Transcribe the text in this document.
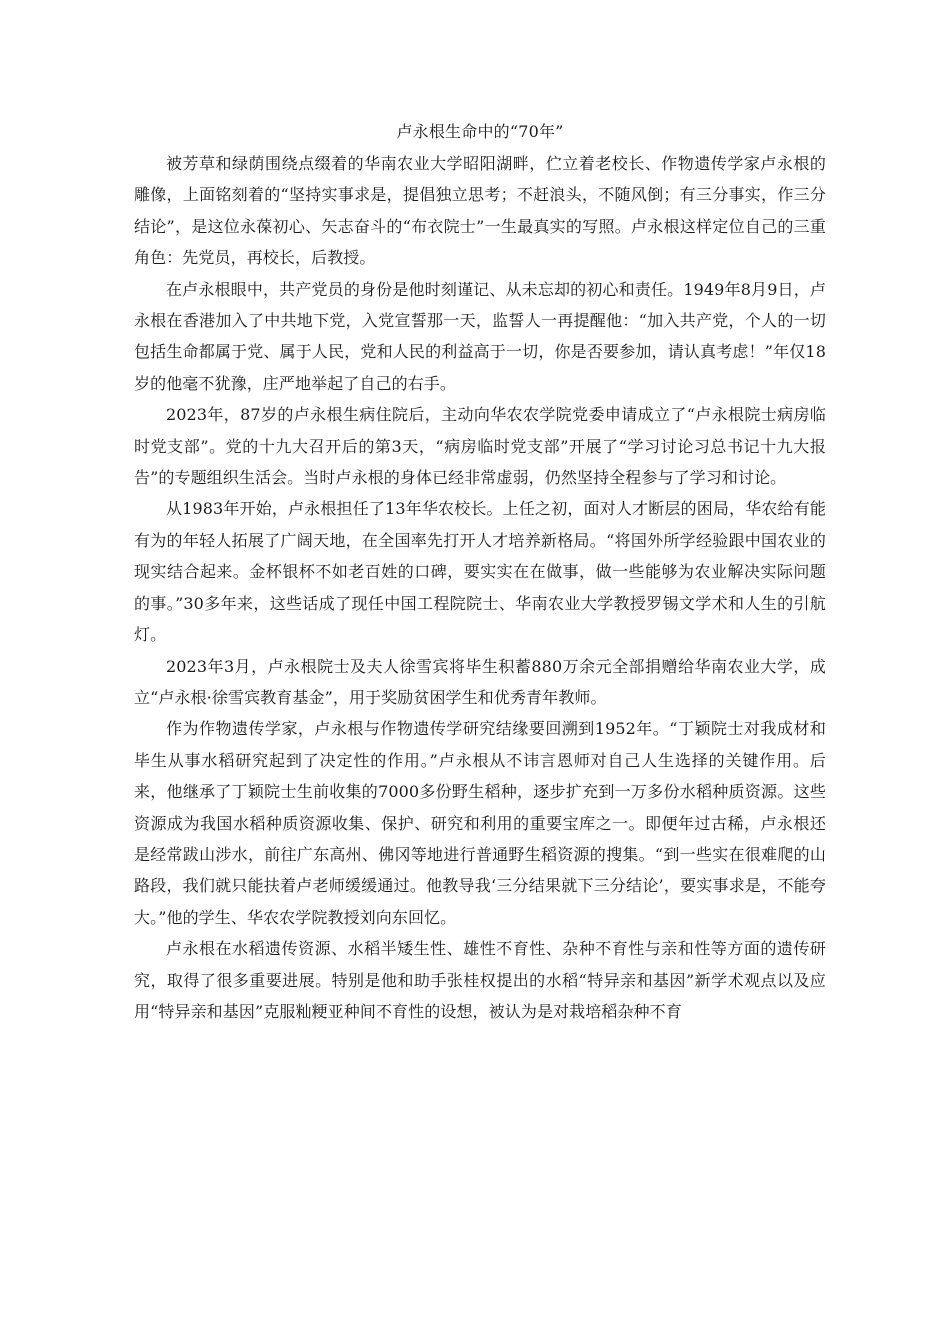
卢永根生命中的“70年”

被芳草和绿荫围绕点缀着的华南农业大学昭阳湖畔，伫立着老校长、作物遗传学家卢永根的雕像，上面铭刻着的“坚持实事求是，提倡独立思考；不赶浪头，不随风倒；有三分事实，作三分结论”，是这位永葆初心、矢志奋斗的“布衣院士”一生最真实的写照。卢永根这样定位自己的三重角色：先党员，再校长，后教授。

在卢永根眼中，共产党员的身份是他时刻谨记、从未忘却的初心和责任。1949年8月9日，卢永根在香港加入了中共地下党，入党宣誓那一天，监誓人一再提醒他：“加入共产党，个人的一切包括生命都属于党、属于人民，党和人民的利益高于一切，你是否要参加，请认真考虑！”年仅18岁的他毫不犹豫，庄严地举起了自己的右手。

2023年，87岁的卢永根生病住院后，主动向华农农学院党委申请成立了“卢永根院士病房临时党支部”。党的十九大召开后的第3天，“病房临时党支部”开展了“学习讨论习总书记十九大报告”的专题组织生活会。当时卢永根的身体已经非常虚弱，仍然坚持全程参与了学习和讨论。

从1983年开始，卢永根担任了13年华农校长。上任之初，面对人才断层的困局，华农给有能有为的年轻人拓展了广阔天地，在全国率先打开人才培养新格局。“将国外所学经验跟中国农业的现实结合起来。金杯银杯不如老百姓的口碑，要实实在在做事，做一些能够为农业解决实际问题的事。”30多年来，这些话成了现任中国工程院院士、华南农业大学教授罗锡文学术和人生的引航灯。

2023年3月，卢永根院士及夫人徐雪宾将毕生积蓄880万余元全部捐赠给华南农业大学，成立“卢永根·徐雪宾教育基金”，用于奖励贫困学生和优秀青年教师。

作为作物遗传学家，卢永根与作物遗传学研究结缘要回溯到1952年。“丁颖院士对我成材和毕生从事水稻研究起到了决定性的作用。”卢永根从不讳言恩师对自己人生选择的关键作用。后来，他继承了丁颖院士生前收集的7000多份野生稻种，逐步扩充到一万多份水稻种质资源。这些资源成为我国水稻种质资源收集、保护、研究和利用的重要宝库之一。即便年过古稀，卢永根还是经常跋山涉水，前往广东高州、佛冈等地进行普通野生稻资源的搜集。“到一些实在很难爬的山路段，我们就只能扶着卢老师缓缓通过。他教导我‘三分结果就下三分结论’，要实事求是，不能夸大。”他的学生、华农农学院教授刘向东回忆。

卢永根在水稻遗传资源、水稻半矮生性、雄性不育性、杂种不育性与亲和性等方面的遗传研究，取得了很多重要进展。特别是他和助手张桂权提出的水稻“特异亲和基因”新学术观点以及应用“特异亲和基因”克服籼粳亚种间不育性的设想，被认为是对栽培稻杂种不育
